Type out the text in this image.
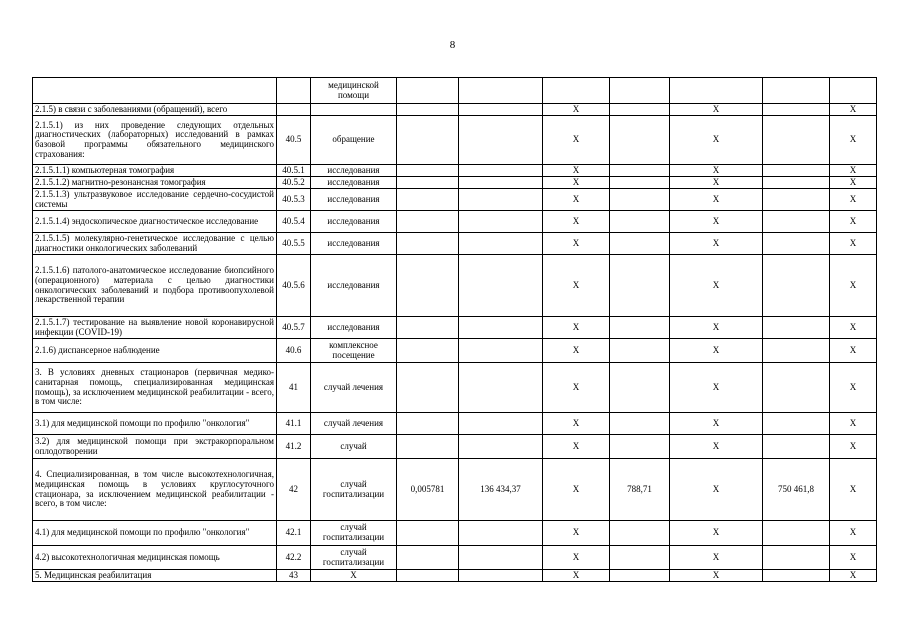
8
		медицинской помощи							
2.1.5) в связи с заболеваниями (обращений), всего					X		X		X
2.1.5.1) из них проведение следующих отдельных диагностических (лабораторных) исследований в рамках базовой программы обязательного медицинского страхования:	40.5	обращение			X		X		X
2.1.5.1.1) компьютерная томография	40.5.1	исследования			X		X		X
2.1.5.1.2) магнитно-резонансная томография	40.5.2	исследования			X		X		X
2.1.5.1.3) ультразвуковое исследование сердечно-сосудистой системы	40.5.3	исследования			X		X		X
2.1.5.1.4) эндоскопическое диагностическое исследование	40.5.4	исследования			X		X		X
2.1.5.1.5) молекулярно-генетическое исследование с целью диагностики онкологических заболеваний	40.5.5	исследования			X		X		X
2.1.5.1.6) патолого-анатомическое исследование биопсийного (операционного) материала с целью диагностики онкологических заболеваний и подбора противоопухолевой лекарственной терапии	40.5.6	исследования			X		X		X
2.1.5.1.7) тестирование на выявление новой коронавирусной инфекции (COVID-19)	40.5.7	исследования			X		X		X
2.1.6) диспансерное наблюдение	40.6	комплексное посещение			X		X		X
3. В условиях дневных стационаров (первичная медико-санитарная помощь, специализированная медицинская помощь), за исключением медицинской реабилитации - всего, в том числе:	41	случай лечения			X		X		X
3.1) для медицинской помощи по профилю "онкология"	41.1	случай лечения			X		X		X
3.2) для медицинской помощи при экстракорпоральном оплодотворении	41.2	случай			X		X		X
4. Специализированная, в том числе высокотехнологичная, медицинская помощь в условиях круглосуточного стационара, за исключением медицинской реабилитации - всего, в том числе:	42	случай госпитализации	0,005781	136 434,37	X	788,71	X	750 461,8	X
4.1) для медицинской помощи по профилю "онкология"	42.1	случай госпитализации			X		X		X
4.2) высокотехнологичная медицинская помощь	42.2	случай госпитализации			X		X		X
5. Медицинская реабилитация	43	X			X		X		X
